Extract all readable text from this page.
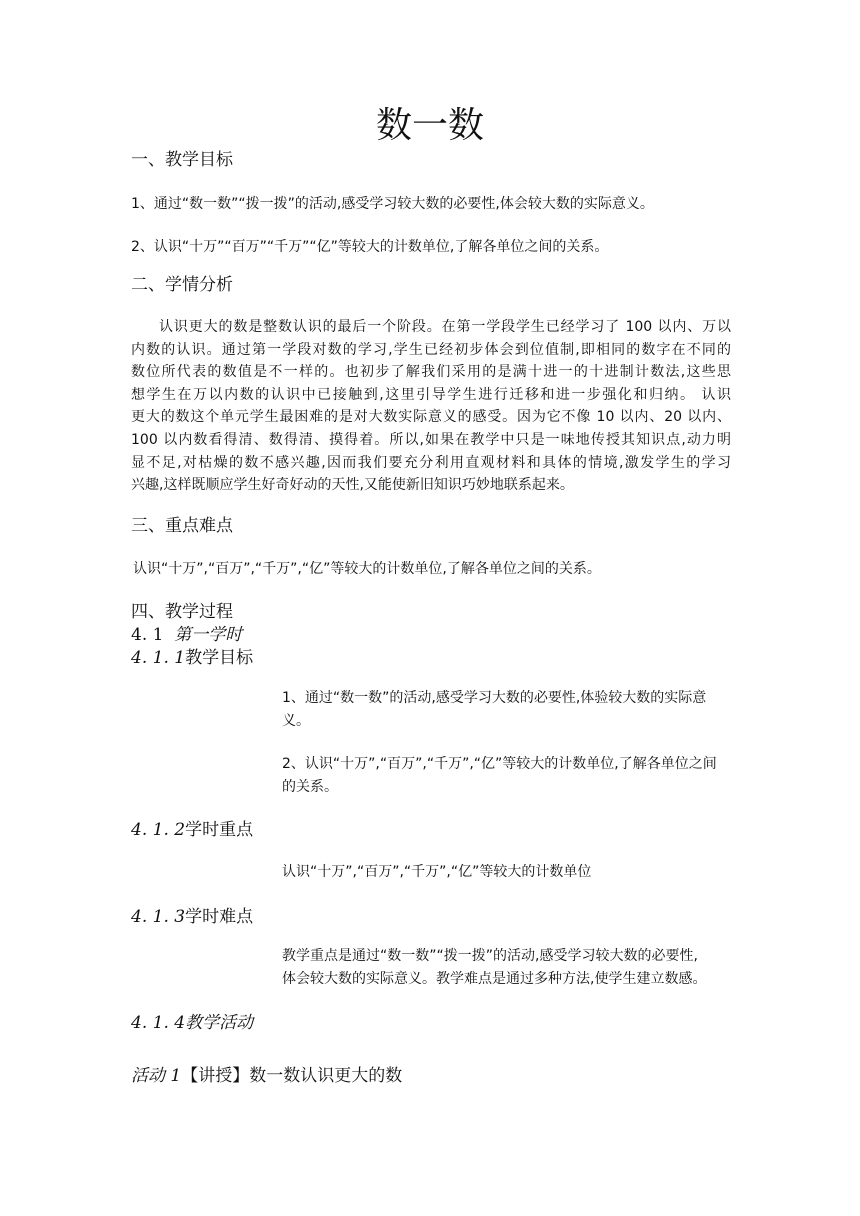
数一数
一、教学目标
1、通过“数一数”“拨一拨”的活动,感受学习较大数的必要性,体会较大数的实际意义。
2、认识“十万”“百万”“千万”“亿”等较大的计数单位,了解各单位之间的关系。
二、学情分析
认识更大的数是整数认识的最后一个阶段。在第一学段学生已经学习了 100 以内、万以
内数的认识。通过第一学段对数的学习,学生已经初步体会到位值制,即相同的数字在不同的
数位所代表的数值是不一样的。也初步了解我们采用的是满十进一的十进制计数法,这些思
想学生在万以内数的认识中已接触到,这里引导学生进行迁移和进一步强化和归纳。 认识
更大的数这个单元学生最困难的是对大数实际意义的感受。因为它不像 10 以内、20 以内、
100 以内数看得清、数得清、摸得着。所以,如果在教学中只是一味地传授其知识点,动力明
显不足,对枯燥的数不感兴趣,因而我们要充分利用直观材料和具体的情境,激发学生的学习
兴趣,这样既顺应学生好奇好动的天性,又能使新旧知识巧妙地联系起来。
三、重点难点
认识“十万”,“百万”,“千万”,“亿”等较大的计数单位,了解各单位之间的关系。
四、教学过程
4. 1 第一学时
4. 1. 1教学目标
1、通过“数一数”的活动,感受学习大数的必要性,体验较大数的实际意
义。
2、认识“十万”,“百万”,“千万”,“亿”等较大的计数单位,了解各单位之间
的关系。
4. 1. 2学时重点
认识“十万”,“百万”,“千万”,“亿”等较大的计数单位
4. 1. 3学时难点
教学重点是通过“数一数”“拨一拨”的活动,感受学习较大数的必要性,
体会较大数的实际意义。教学难点是通过多种方法,使学生建立数感。
4. 1. 4教学活动
活动 1【讲授】数一数认识更大的数
